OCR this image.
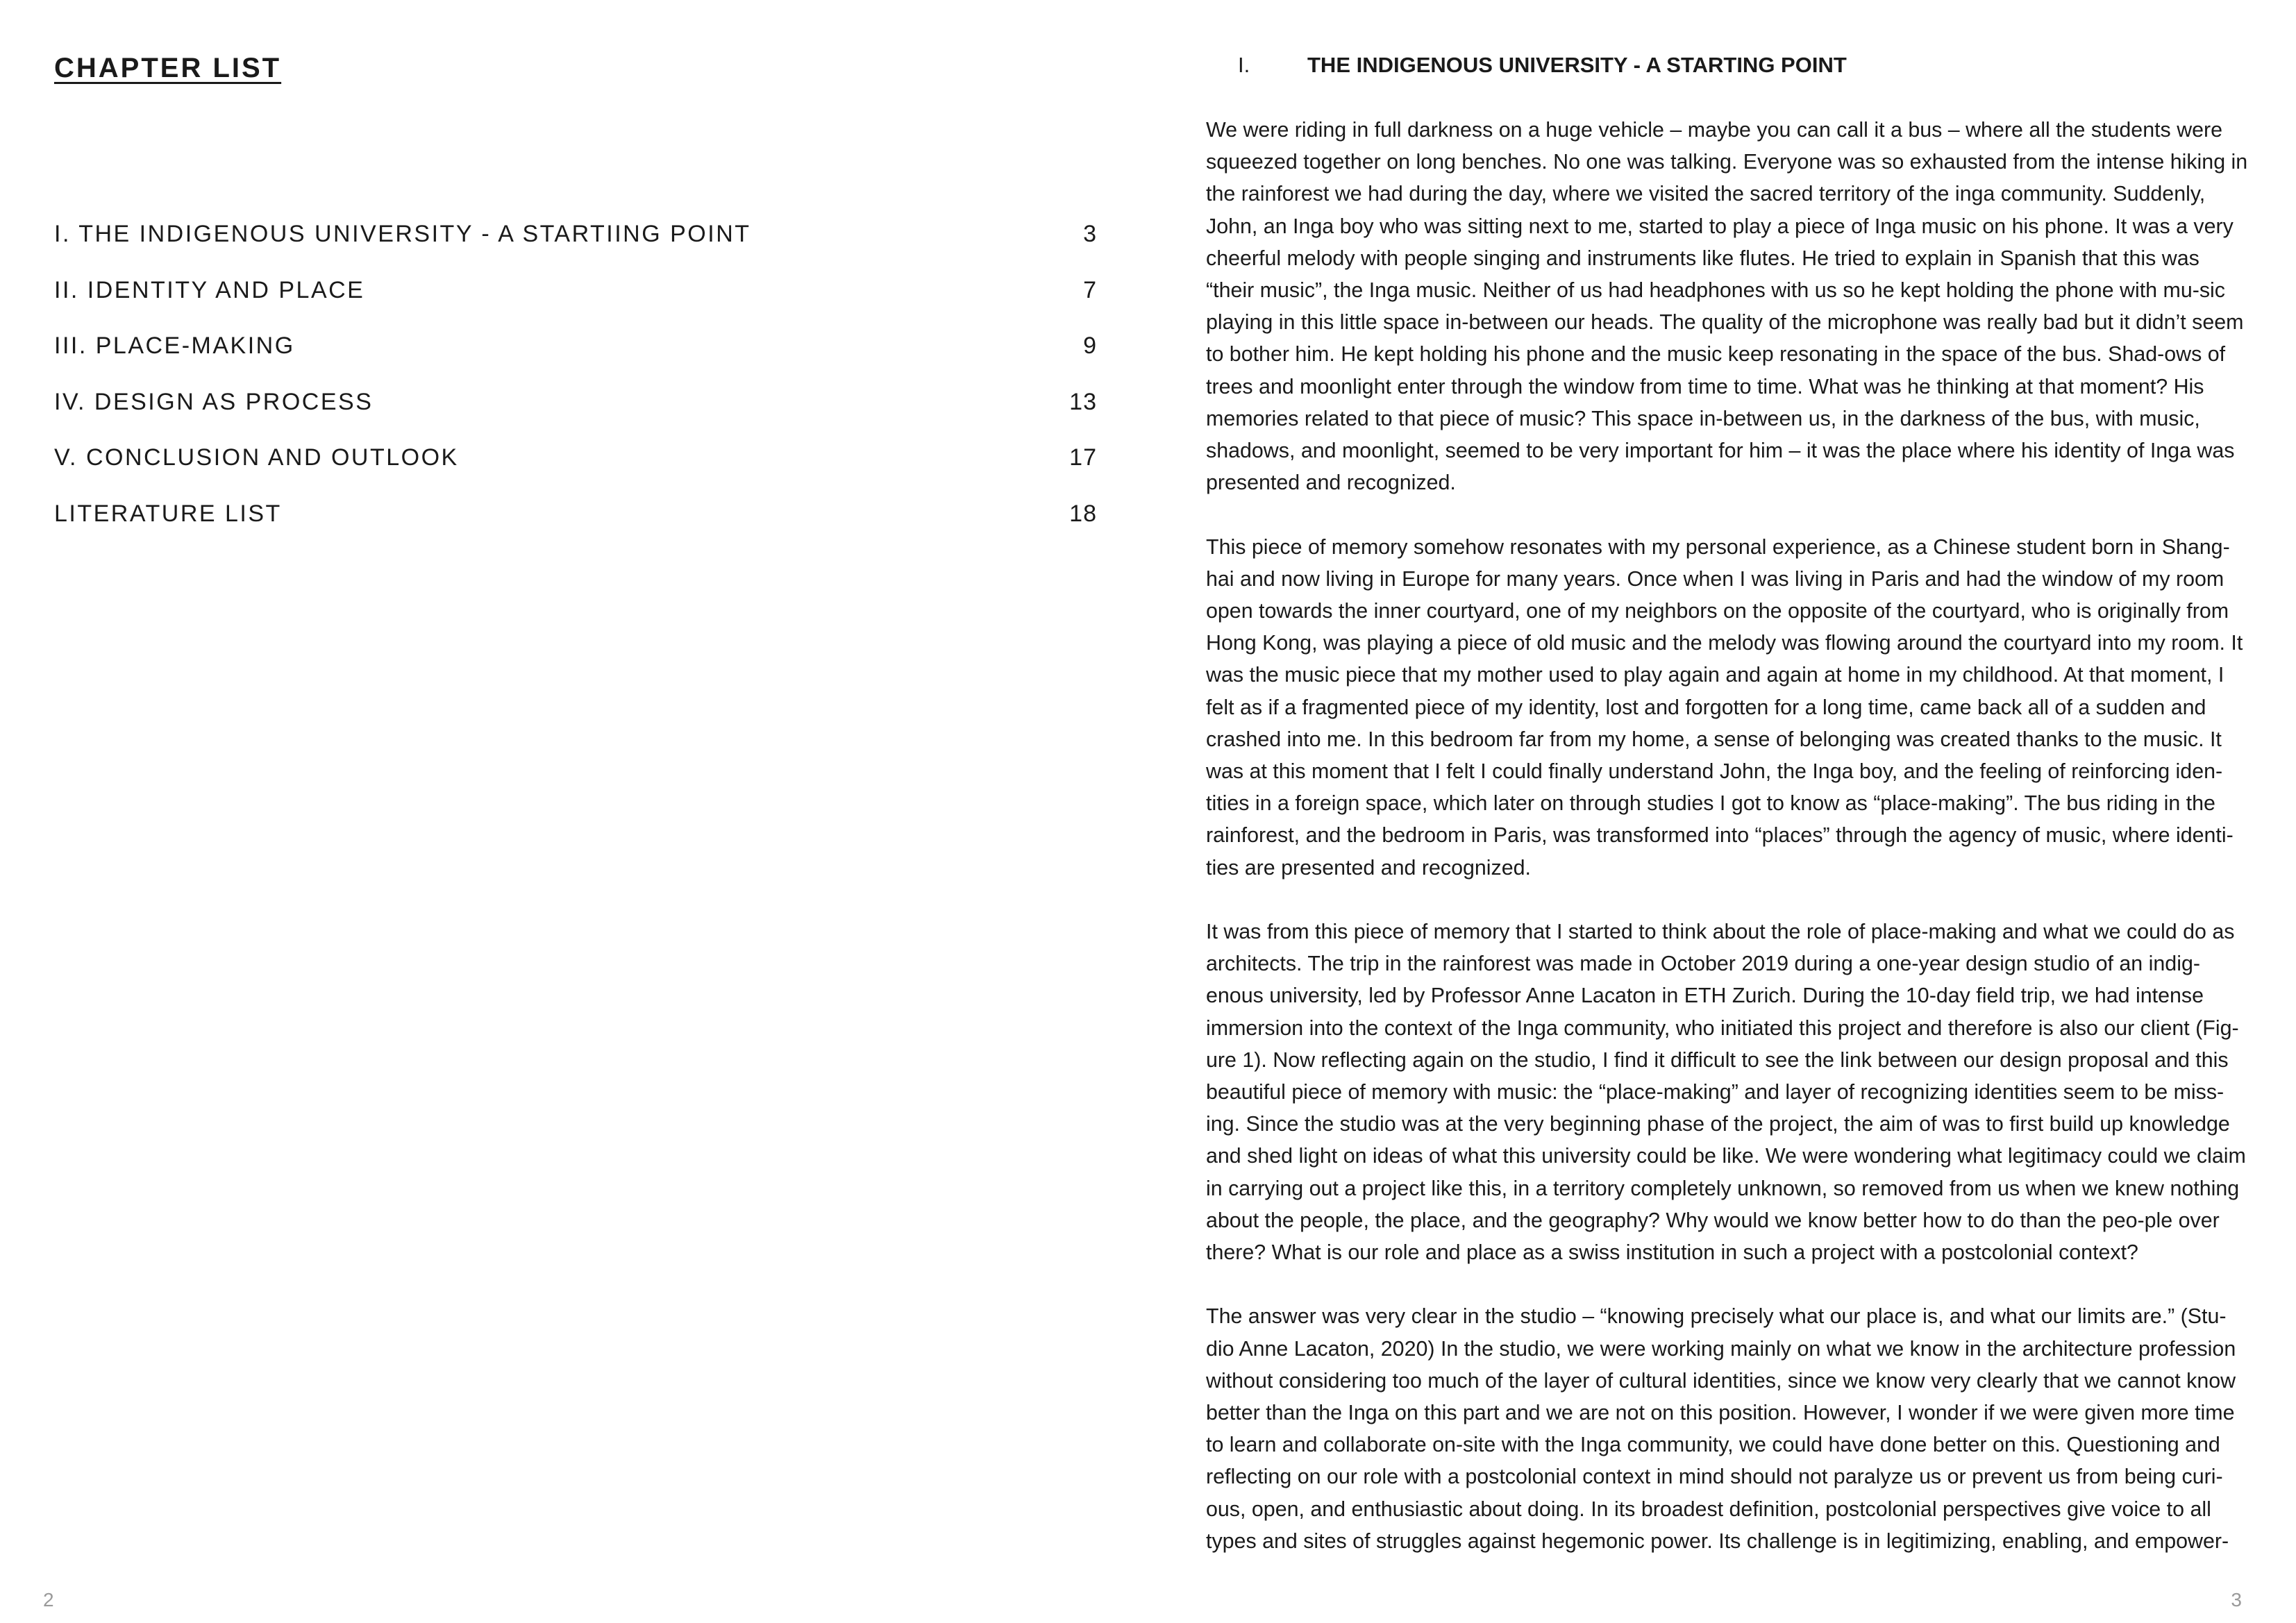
CHAPTER LIST
I. THE INDIGENOUS UNIVERSITY - A STARTIING POINT	3
II. IDENTITY AND PLACE	7
III. PLACE-MAKING	9
IV. DESIGN AS PROCESS	13
V. CONCLUSION AND OUTLOOK	17
LITERATURE LIST	18
2
I.	THE INDIGENOUS UNIVERSITY - A STARTING POINT

We were riding in full darkness on a huge vehicle – maybe you can call it a bus – where all the students were squeezed together on long benches. No one was talking. Everyone was so exhausted from the intense hiking in the rainforest we had during the day, where we visited the sacred territory of the inga community. Suddenly, John, an Inga boy who was sitting next to me, started to play a piece of Inga music on his phone. It was a very cheerful melody with people singing and instruments like flutes. He tried to explain in Spanish that this was “their music”, the Inga music. Neither of us had headphones with us so he kept holding the phone with mu-sic playing in this little space in-between our heads. The quality of the microphone was really bad but it didn’t seem to bother him. He kept holding his phone and the music keep resonating in the space of the bus. Shad-ows of trees and moonlight enter through the window from time to time. What was he thinking at that moment? His memories related to that piece of music? This space in-between us, in the darkness of the bus, with music, shadows, and moonlight, seemed to be very important for him – it was the place where his identity of Inga was presented and recognized.

This piece of memory somehow resonates with my personal experience, as a Chinese student born in Shang-hai and now living in Europe for many years. Once when I was living in Paris and had the window of my room open towards the inner courtyard, one of my neighbors on the opposite of the courtyard, who is originally from Hong Kong, was playing a piece of old music and the melody was flowing around the courtyard into my room. It was the music piece that my mother used to play again and again at home in my childhood. At that moment, I felt as if a fragmented piece of my identity, lost and forgotten for a long time, came back all of a sudden and crashed into me. In this bedroom far from my home, a sense of belonging was created thanks to the music. It was at this moment that I felt I could finally understand John, the Inga boy, and the feeling of reinforcing iden-tities in a foreign space, which later on through studies I got to know as “place-making”. The bus riding in the rainforest, and the bedroom in Paris, was transformed into “places” through the agency of music, where identi-ties are presented and recognized.

It was from this piece of memory that I started to think about the role of place-making and what we could do as architects. The trip in the rainforest was made in October 2019 during a one-year design studio of an indig-enous university, led by Professor Anne Lacaton in ETH Zurich. During the 10-day field trip, we had intense immersion into the context of the Inga community, who initiated this project and therefore is also our client (Fig-ure 1). Now reflecting again on the studio, I find it difficult to see the link between our design proposal and this beautiful piece of memory with music: the “place-making” and layer of recognizing identities seem to be miss-ing. Since the studio was at the very beginning phase of the project, the aim of was to first build up knowledge and shed light on ideas of what this university could be like. We were wondering what legitimacy could we claim in carrying out a project like this, in a territory completely unknown, so removed from us when we knew nothing about the people, the place, and the geography? Why would we know better how to do than the peo-ple over there? What is our role and place as a swiss institution in such a project with a postcolonial context?

The answer was very clear in the studio – “knowing precisely what our place is, and what our limits are.” (Stu-dio Anne Lacaton, 2020) In the studio, we were working mainly on what we know in the architecture profession without considering too much of the layer of cultural identities, since we know very clearly that we cannot know better than the Inga on this part and we are not on this position. However, I wonder if we were given more time to learn and collaborate on-site with the Inga community, we could have done better on this. Questioning and reflecting on our role with a postcolonial context in mind should not paralyze us or prevent us from being curi-ous, open, and enthusiastic about doing. In its broadest definition, postcolonial perspectives give voice to all types and sites of struggles against hegemonic power. Its challenge is in legitimizing, enabling, and empower-

3
